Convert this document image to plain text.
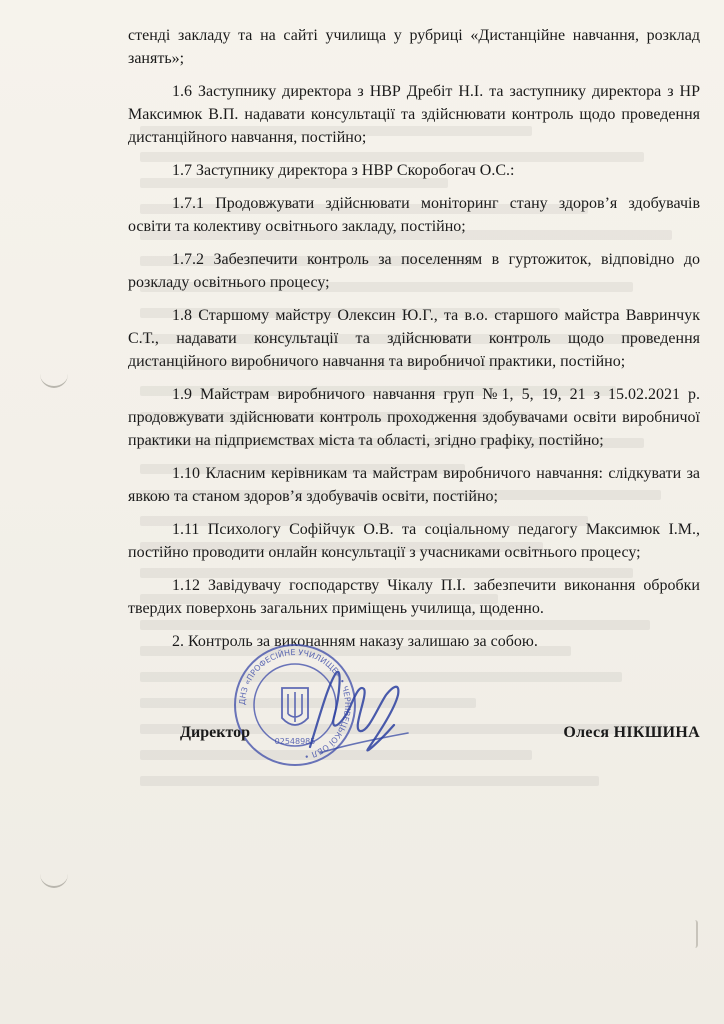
стенді закладу та на сайті училища у рубриці «Дистанційне навчання, розклад занять»;

1.6 Заступнику директора з НВР Дребіт Н.І. та заступнику директора з НР Максимюк В.П. надавати консультації та здійснювати контроль щодо проведення дистанційного навчання, постійно;

1.7 Заступнику директора з НВР Скоробогач О.С.:

1.7.1 Продовжувати здійснювати моніторинг стану здоров’я здобувачів освіти та колективу освітнього закладу, постійно;

1.7.2 Забезпечити контроль за поселенням в гуртожиток, відповідно до розкладу освітнього процесу;

1.8 Старшому майстру Олексин Ю.Г., та в.о. старшого майстра Вавринчук С.Т., надавати консультації та здійснювати контроль щодо проведення дистанційного виробничого навчання та виробничої практики, постійно;

1.9 Майстрам виробничого навчання груп №1, 5, 19, 21 з 15.02.2021 р. продовжувати здійснювати контроль проходження здобувачами освіти виробничої практики на підприємствах міста та області, згідно графіку, постійно;

1.10 Класним керівникам та майстрам виробничого навчання: слідкувати за явкою та станом здоров’я здобувачів освіти, постійно;

1.11 Психологу Софійчук О.В. та соціальному педагогу Максимюк І.М., постійно проводити онлайн консультації з учасниками освітнього процесу;

1.12 Завідувачу господарству Чікалу П.І. забезпечити виконання обробки твердих поверхонь загальних приміщень училища, щоденно.

2. Контроль за виконанням наказу залишаю за собою.

ДНЗ «ПРОФЕСІЙНЕ УЧИЛИЩЕ» • ЧЕРНІВЕЦЬКОЇ ОБЛ •
02548985
Директор	Олеся НІКШИНА
